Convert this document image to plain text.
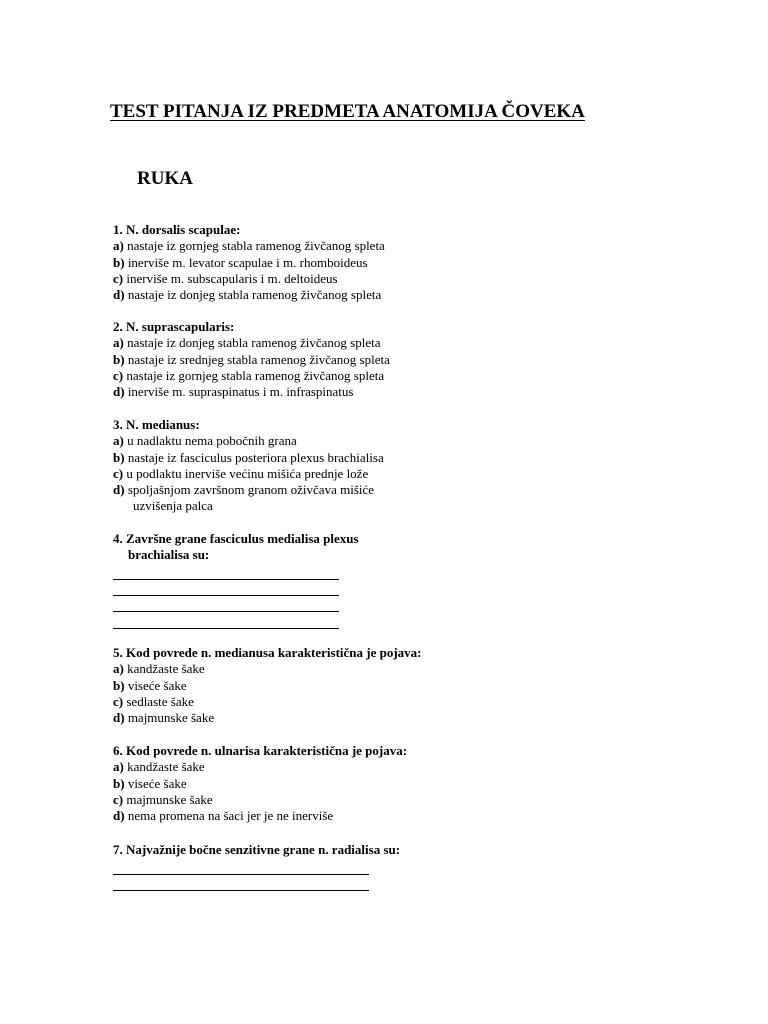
TEST PITANJA IZ PREDMETA ANATOMIJA ČOVEKA
RUKA
1. N. dorsalis scapulae:
a) nastaje iz gornjeg stabla ramenog živčanog spleta
b) inerviše m. levator scapulae i m. rhomboideus
c) inerviše m. subscapularis i m. deltoideus
d) nastaje iz donjeg stabla ramenog živčanog spleta
2. N. suprascapularis:
a) nastaje iz donjeg stabla ramenog živčanog spleta
b) nastaje iz srednjeg stabla ramenog živčanog spleta
c) nastaje iz gornjeg stabla ramenog živčanog spleta
d) inerviše m. supraspinatus i m. infraspinatus
3. N. medianus:
a) u nadlaktu nema pobočnih grana
b) nastaje iz fasciculus posteriora plexus brachialisa
c) u podlaktu inerviše većinu mišića prednje lože
d) spoljašnjom završnom granom oživčava mišiće
uzvišenja palca
4. Završne grane fasciculus medialisa plexus
brachialisa su:
5. Kod povrede n. medianusa karakteristična je pojava:
a) kandžaste šake
b) viseće šake
c) sedlaste šake
d) majmunske šake
6. Kod povrede n. ulnarisa karakteristična je pojava:
a) kandžaste šake
b) viseće šake
c) majmunske šake
d) nema promena na šaci jer je ne inerviše
7. Najvažnije bočne senzitivne grane n. radialisa su:
